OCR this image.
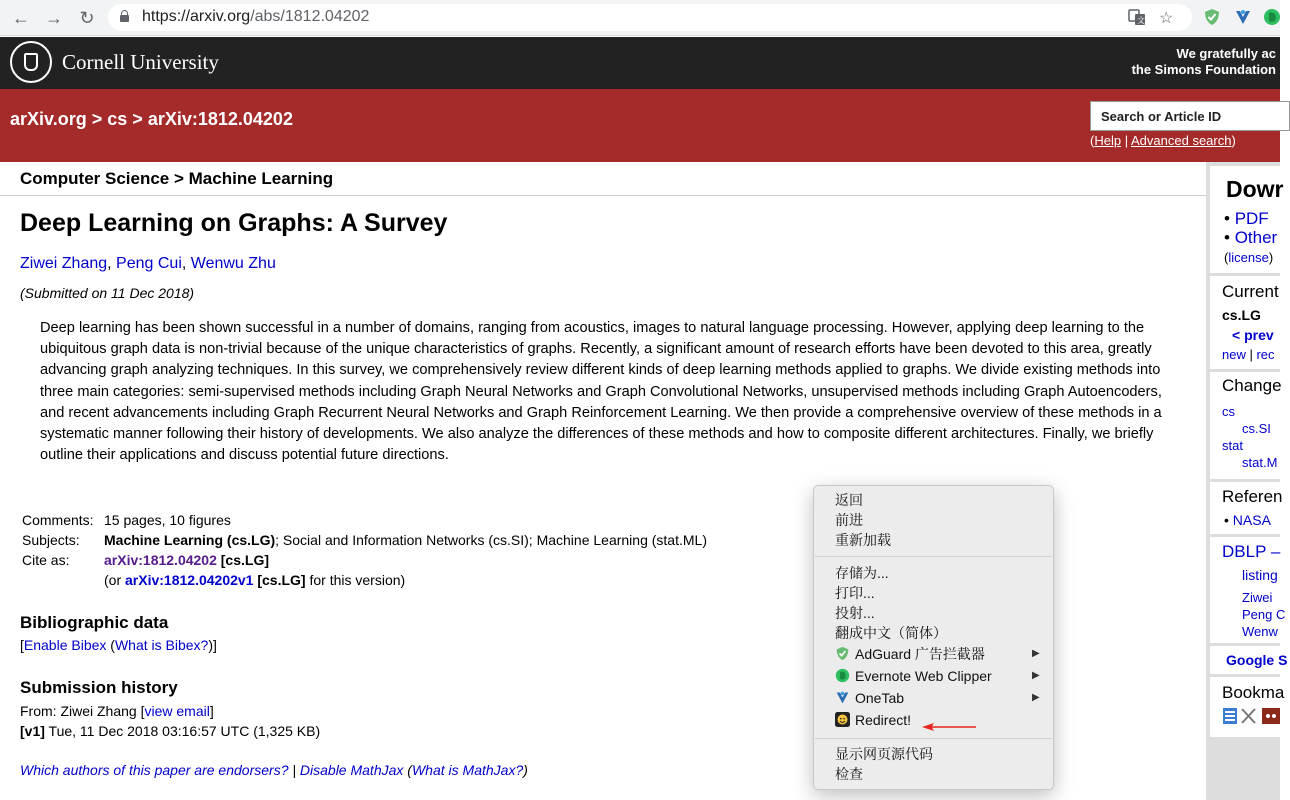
← → ↻	https://arxiv.org/abs/1812.04202	文 ☆
Cornell University	We gratefully ac
the Simons Foundation
arXiv.org > cs > arXiv:1812.04202
Search or Article ID
(Help | Advanced search)
Computer Science > Machine Learning
Deep Learning on Graphs: A Survey
Ziwei Zhang, Peng Cui, Wenwu Zhu
(Submitted on 11 Dec 2018)

Deep learning has been shown successful in a number of domains, ranging from acoustics, images to natural language processing. However, applying deep learning to the ubiquitous graph data is non-trivial because of the unique characteristics of graphs. Recently, a significant amount of research efforts have been devoted to this area, greatly advancing graph analyzing techniques. In this survey, we comprehensively review different kinds of deep learning methods applied to graphs. We divide existing methods into three main categories: semi-supervised methods including Graph Neural Networks and Graph Convolutional Networks, unsupervised methods including Graph Autoencoders, and recent advancements including Graph Recurrent Neural Networks and Graph Reinforcement Learning. We then provide a comprehensive overview of these methods in a systematic manner following their history of developments. We also analyze the differences of these methods and how to composite different architectures. Finally, we briefly outline their applications and discuss potential future directions.

Comments:	15 pages, 10 figures
Subjects:	Machine Learning (cs.LG); Social and Information Networks (cs.SI); Machine Learning (stat.ML)
Cite as:	arXiv:1812.04202 [cs.LG]
	(or arXiv:1812.04202v1 [cs.LG] for this version)
Bibliographic data
[Enable Bibex (What is Bibex?)]
Submission history
From: Ziwei Zhang [view email]
[v1] Tue, 11 Dec 2018 03:16:57 UTC (1,325 KB)
Which authors of this paper are endorsers? | Disable MathJax (What is MathJax?)
Dowr
• PDF
• Other
(license)
Current
cs.LG
< prev
new | rec
Change
cs
cs.SI
stat
stat.M
Referen
• NASA
DBLP –
listing
Ziwei
Peng C
Wenw
Google S
Bookma
返回
前进
重新加载
存储为...
打印...
投射...
翻成中文（简体）
AdGuard 广告拦截器	▶
Evernote Web Clipper	▶
OneTab	▶
Redirect!
显示网页源代码
检查
